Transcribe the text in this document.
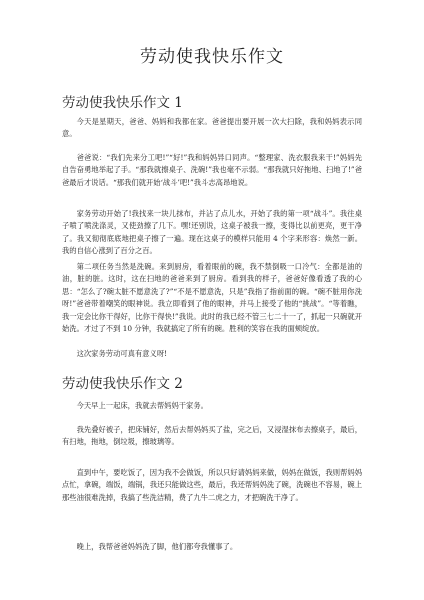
劳动使我快乐作文
劳动使我快乐作文 1

今天是星期天，爸爸、妈妈和我都在家。爸爸提出要开展一次大扫除，我和妈妈表示同意。

爸爸说：“我们先来分工吧!”“好!”我和妈妈异口同声。“整理家、洗衣服我来干!”妈妈先自告奋勇地举起了手。“那我就擦桌子、洗碗!”我也毫不示弱。“那我就只好拖地、扫地了!”爸爸最后才说话。“那我们就开始‘战斗’吧!”我斗志高昂地说。

家务劳动开始了!我找来一块儿抹布，并沾了点儿水，开始了我的第一项“战斗”。我往桌子喷了喷洗涤灵，又使劲擦了几下。嘿!还别说，这桌子被我一擦，变得比以前更亮，更干净了。我又彻彻底底地把桌子擦了一遍。现在这桌子的模样只能用 4 个字来形容：焕然一新。我的自信心涨到了百分之百。

第二项任务当然是洗碗。来到厨房，看着眼前的碗，我不禁倒吸一口冷气：全都是油的油，脏的脏。这时，这在扫地的爸爸来到了厨房。看到我的样子，爸爸好像看透了我的心思：“怎么了?碗太脏不愿意洗了?”“不是不愿意洗，只是”我指了指前面的碗。“碗不脏用你洗呀!”爸爸带着嘲笑的眼神说。我立即看到了他的眼神，并马上接受了他的“挑战”。“等着瞧，我一定会比你干得好，比你干得快!”我说。此时的我已经不管三七二十一了，抓起一只碗就开始洗。才过了不到 10 分钟，我就搞定了所有的碗。胜利的笑容在我的面颊绽放。

这次家务劳动可真有意义呀!

劳动使我快乐作文 2

今天早上一起床，我就去帮妈妈干家务。

我先叠好被子，把床铺好，然后去帮妈妈买了盐，完之后，又浸湿抹布去擦桌子，最后，有扫地，拖地，倒垃圾，擦玻璃等。

直到中午，要吃饭了，因为我不会做饭，所以只好请妈妈来做，妈妈在做饭，我则帮妈妈点忙，拿碗，端饭，端锅，我还只能做这些，最后，我还帮妈妈洗了碗，洗碗也不容易，碗上那些油很难洗掉，我搞了些洗洁精，费了九牛二虎之力，才把碗洗干净了。

晚上，我帮爸爸妈妈洗了脚，他们都夸我懂事了。
